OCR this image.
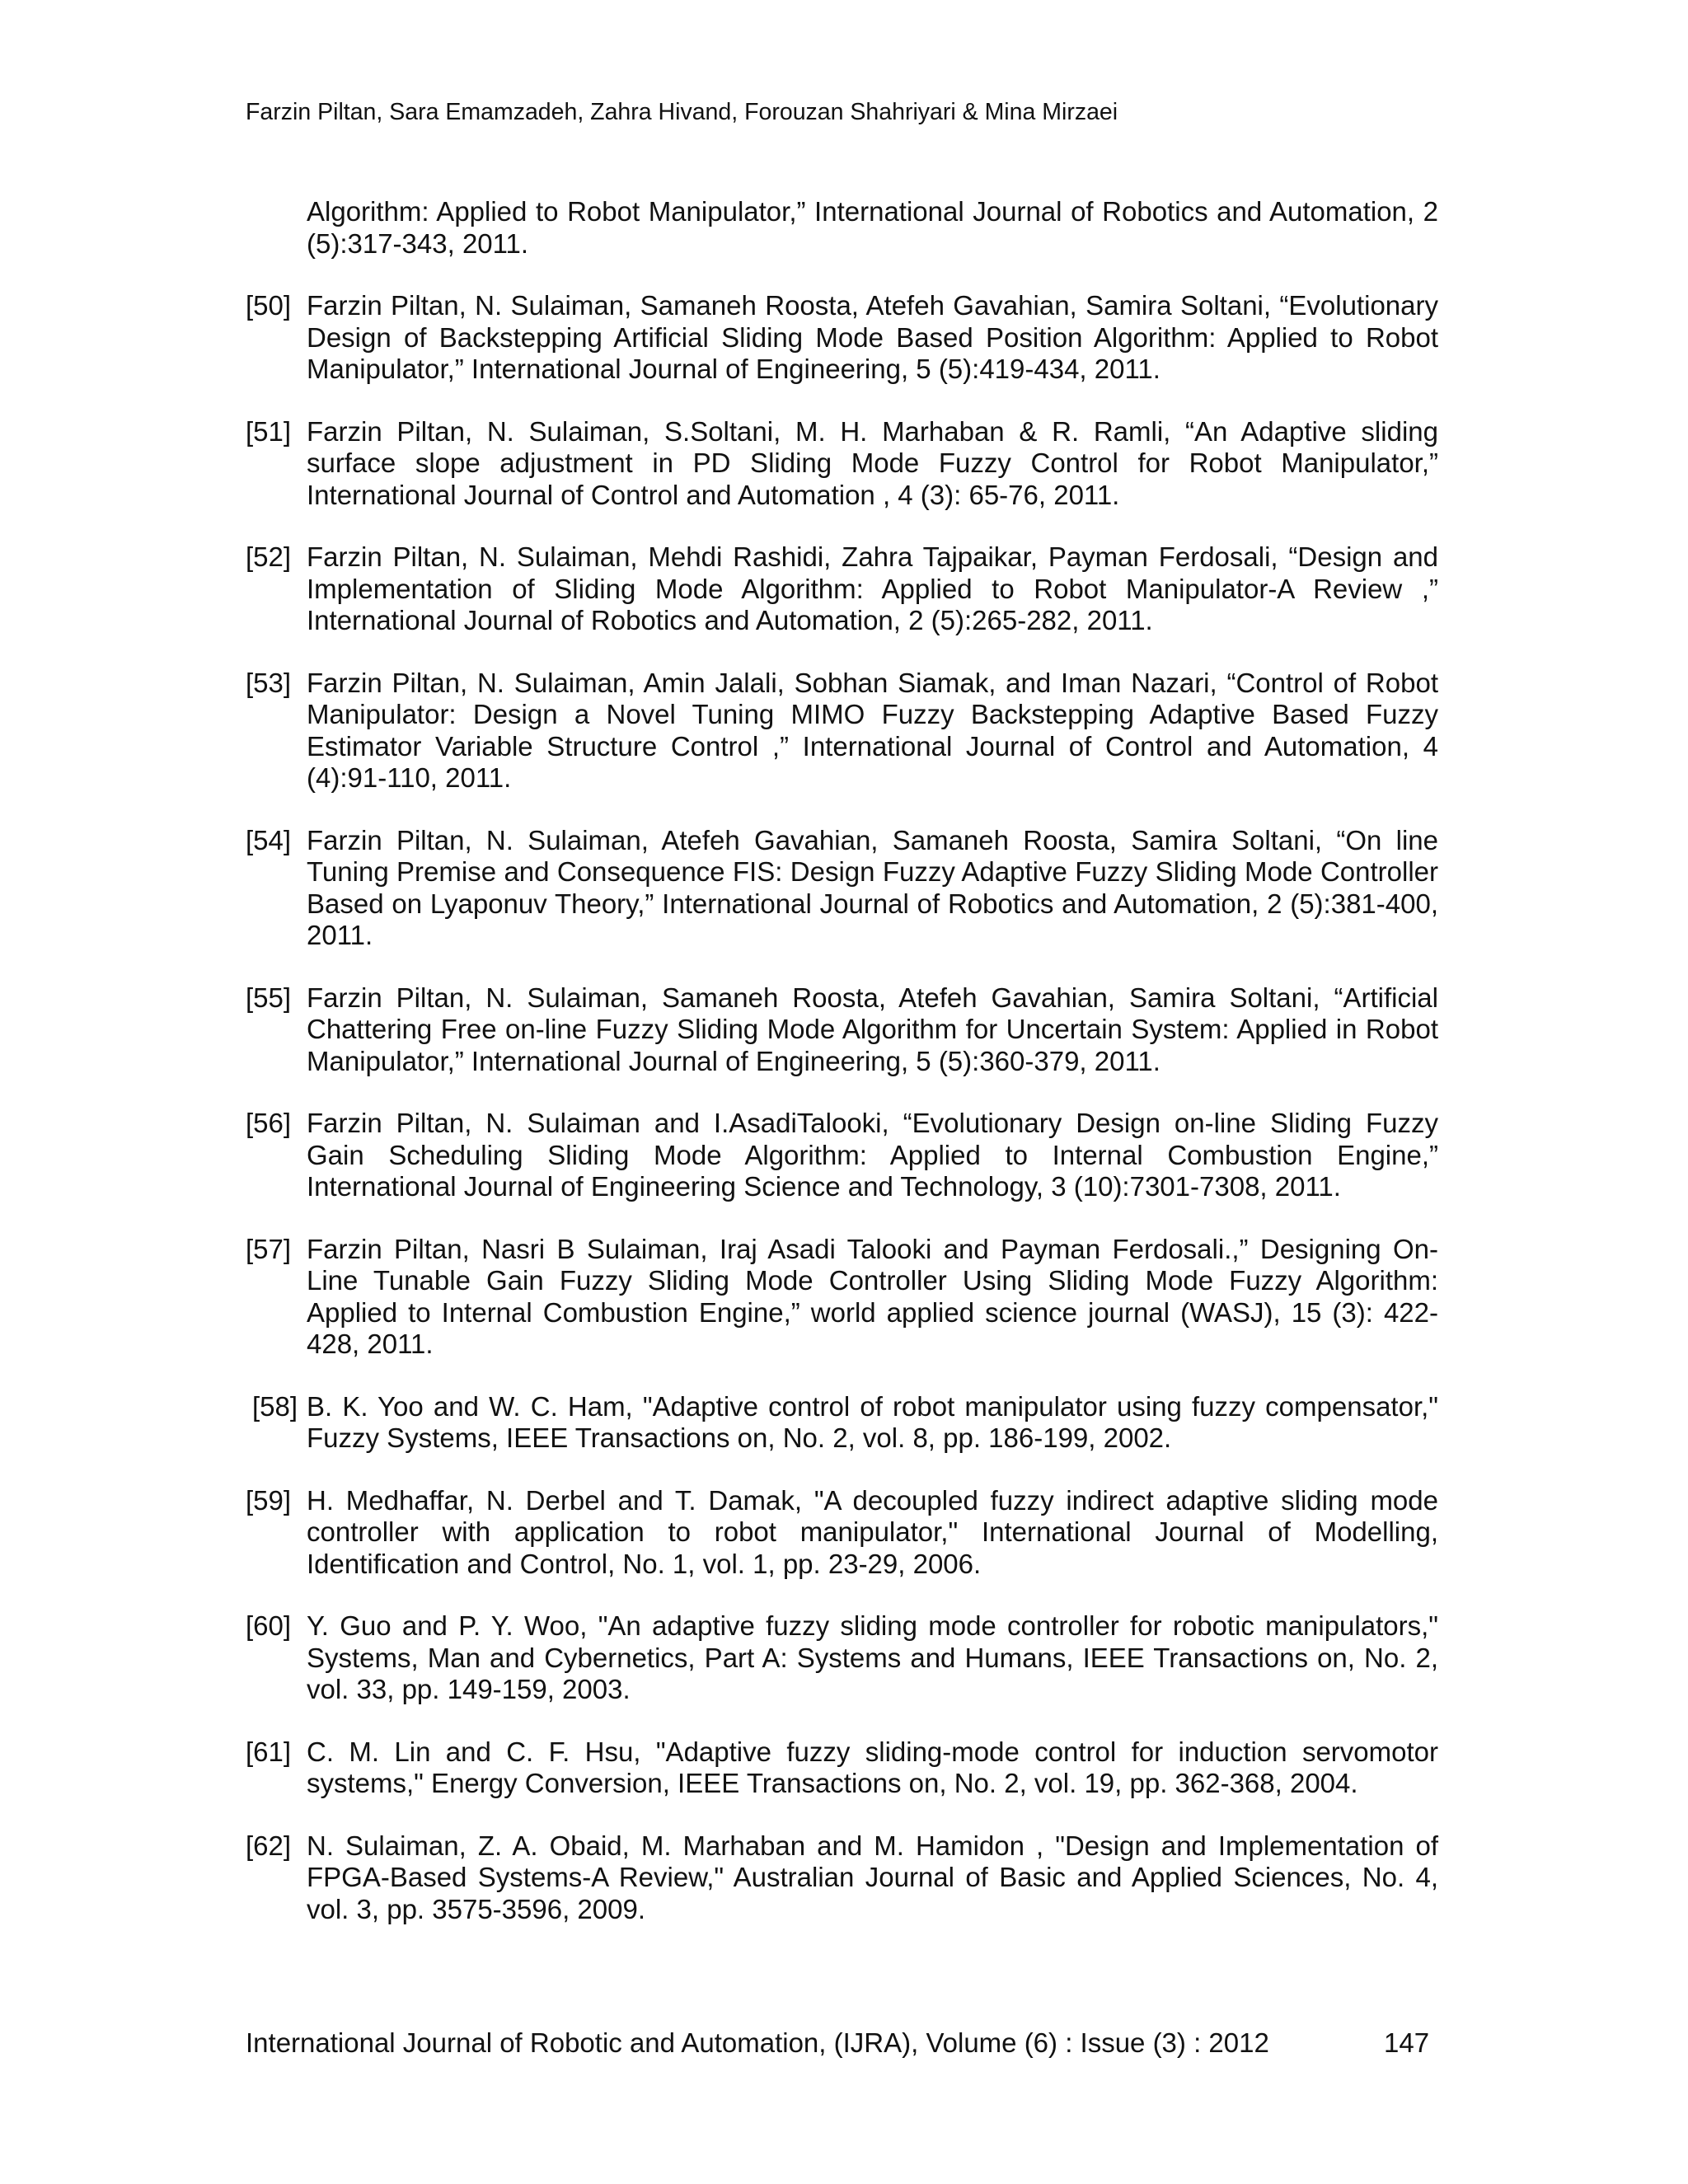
Farzin Piltan, Sara Emamzadeh, Zahra Hivand, Forouzan Shahriyari & Mina Mirzaei
Algorithm: Applied to Robot Manipulator,” International Journal of Robotics and Automation, 2 (5):317-343, 2011.
[50] Farzin Piltan, N. Sulaiman, Samaneh Roosta, Atefeh Gavahian, Samira Soltani, “Evolutionary Design of Backstepping Artificial Sliding Mode Based Position Algorithm: Applied to Robot Manipulator,” International Journal of Engineering, 5 (5):419-434, 2011.
[51] Farzin Piltan, N. Sulaiman, S.Soltani, M. H. Marhaban & R. Ramli, “An Adaptive sliding surface slope adjustment in PD Sliding Mode Fuzzy Control for Robot Manipulator,” International Journal of Control and Automation , 4 (3): 65-76, 2011.
[52] Farzin Piltan, N. Sulaiman, Mehdi Rashidi, Zahra Tajpaikar, Payman Ferdosali, “Design and Implementation of Sliding Mode Algorithm: Applied to Robot Manipulator-A Review ,” International Journal of Robotics and Automation, 2 (5):265-282, 2011.
[53] Farzin Piltan, N. Sulaiman, Amin Jalali, Sobhan Siamak, and Iman Nazari, “Control of Robot Manipulator: Design a Novel Tuning MIMO Fuzzy Backstepping Adaptive Based Fuzzy Estimator Variable Structure Control ,” International Journal of Control and Automation, 4 (4):91-110, 2011.
[54] Farzin Piltan, N. Sulaiman, Atefeh Gavahian, Samaneh Roosta, Samira Soltani, “On line Tuning Premise and Consequence FIS: Design Fuzzy Adaptive Fuzzy Sliding Mode Controller Based on Lyaponuv Theory,” International Journal of Robotics and Automation, 2 (5):381-400, 2011.
[55] Farzin Piltan, N. Sulaiman, Samaneh Roosta, Atefeh Gavahian, Samira Soltani, “Artificial Chattering Free on-line Fuzzy Sliding Mode Algorithm for Uncertain System: Applied in Robot Manipulator,” International Journal of Engineering, 5 (5):360-379, 2011.
[56] Farzin Piltan, N. Sulaiman and I.AsadiTalooki, “Evolutionary Design on-line Sliding Fuzzy Gain Scheduling Sliding Mode Algorithm: Applied to Internal Combustion Engine,” International Journal of Engineering Science and Technology, 3 (10):7301-7308, 2011.
[57] Farzin Piltan, Nasri B Sulaiman, Iraj Asadi Talooki and Payman Ferdosali.,” Designing On-Line Tunable Gain Fuzzy Sliding Mode Controller Using Sliding Mode Fuzzy Algorithm: Applied to Internal Combustion Engine,” world applied science journal (WASJ), 15 (3): 422-428, 2011.
[58] B. K. Yoo and W. C. Ham, "Adaptive control of robot manipulator using fuzzy compensator," Fuzzy Systems, IEEE Transactions on, No. 2, vol. 8, pp. 186-199, 2002.
[59] H. Medhaffar, N. Derbel and T. Damak, "A decoupled fuzzy indirect adaptive sliding mode controller with application to robot manipulator," International Journal of Modelling, Identification and Control, No. 1, vol. 1, pp. 23-29, 2006.
[60] Y. Guo and P. Y. Woo, "An adaptive fuzzy sliding mode controller for robotic manipulators," Systems, Man and Cybernetics, Part A: Systems and Humans, IEEE Transactions on, No. 2, vol. 33, pp. 149-159, 2003.
[61] C. M. Lin and C. F. Hsu, "Adaptive fuzzy sliding-mode control for induction servomotor systems," Energy Conversion, IEEE Transactions on, No. 2, vol. 19, pp. 362-368, 2004.
[62] N. Sulaiman, Z. A. Obaid, M. Marhaban and M. Hamidon , "Design and Implementation of FPGA-Based Systems-A Review," Australian Journal of Basic and Applied Sciences, No. 4, vol. 3, pp. 3575-3596, 2009.
International Journal of Robotic and Automation, (IJRA), Volume (6) : Issue (3) : 2012	147
